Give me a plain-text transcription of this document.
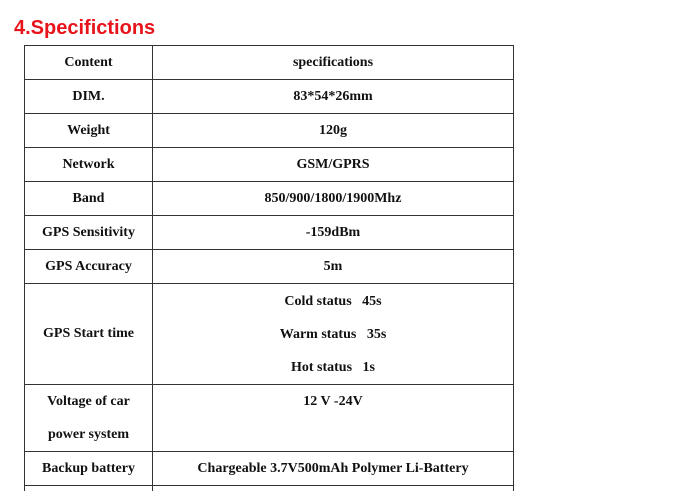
4.Specifictions
Content	specifications
DIM.	83*54*26mm
Weight	120g
Network	GSM/GPRS
Band	850/900/1800/1900Mhz
GPS Sensitivity	-159dBm
GPS Accuracy	5m
GPS Start time	Cold status   45s
Warm status   35s
Hot status   1s

Voltage of car
power system	12 V -24V

Backup battery	Chargeable 3.7V500mAh Polymer Li-Battery
